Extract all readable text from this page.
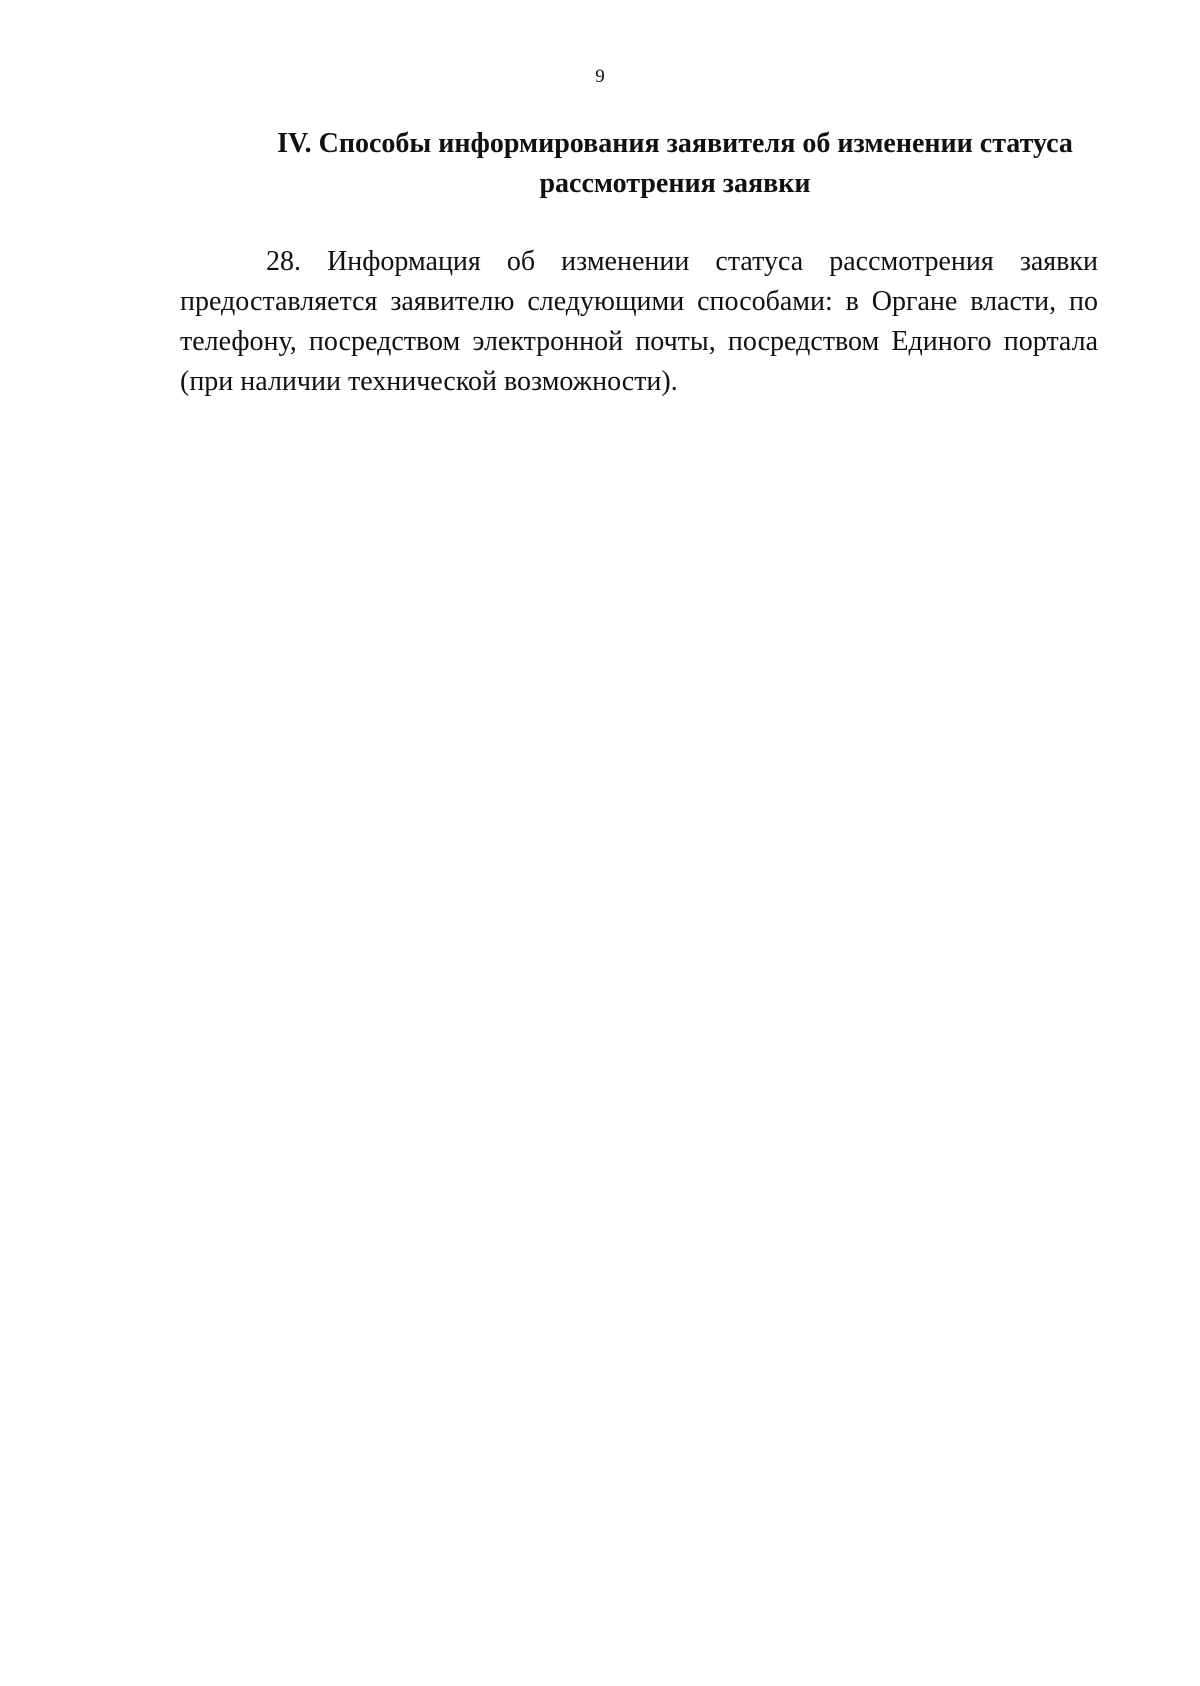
9
IV. Способы информирования заявителя об изменении статуса
рассмотрения заявки
28. Информация об изменении статуса рассмотрения заявки
предоставляется заявителю следующими способами: в Органе власти, по
телефону, посредством электронной почты, посредством Единого портала
(при наличии технической возможности).
